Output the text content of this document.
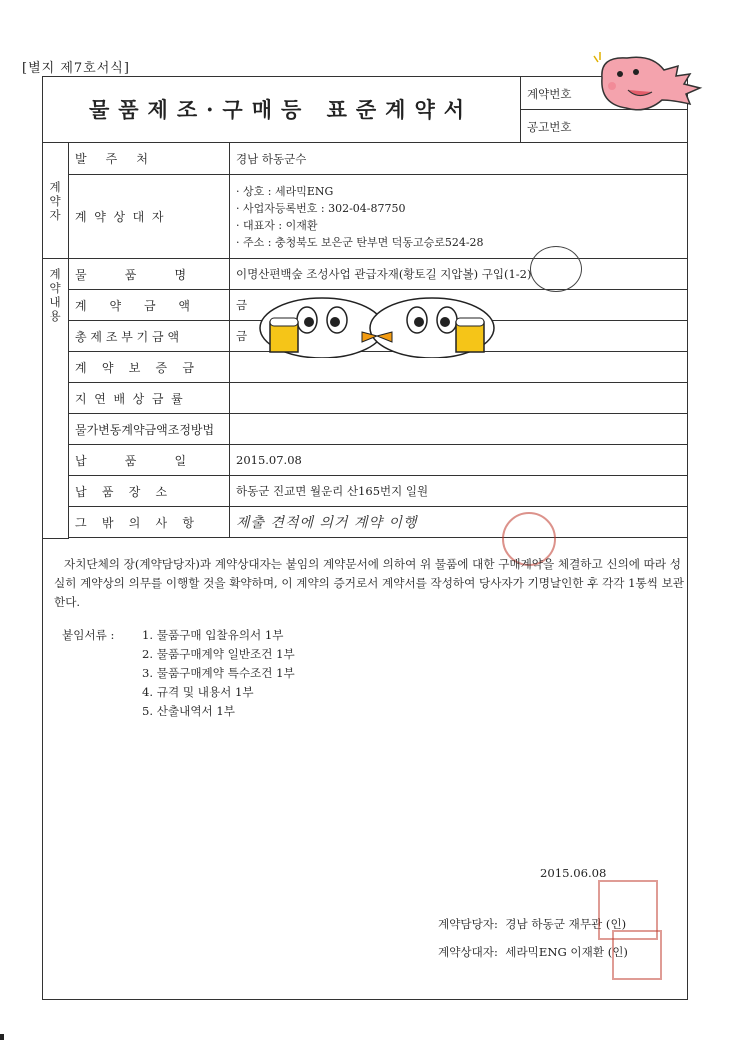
[별지 제7호서식]
물품제조·구매등 표준계약서
계약번호
공고번호
계
약
자	발     주     처	경남 하동군수
	계  약  상  대  자	· 상호 : 세라믹ENG
· 사업자등록번호 : 302-04-87750
· 대표자 : 이재환
· 주소 : 충청북도 보은군 탄부면 덕동고승로524-28

계
약
내
용	물          품          명	이명산편백숲 조성사업 관급자재(황토길 지압볼) 구입(1-2)
	계      약      금      액	금
	총 제 조 부 기 금 액	금
	계    약    보    증    금	
	지  연  배  상  금  률	
	물가변동계약금액조정방법	
	납          품          일	2015.07.08
	납    품    장    소	하동군 진교면 월운리 산165번지 일원
	그    밖    의    사    항	제출 견적에 의거 계약 이행

자치단체의 장(계약담당자)과 계약상대자는 붙임의 계약문서에 의하여 위 물품에 대한 구매계약을 체결하고 신의에 따라 성실히 계약상의 의무를 이행할 것을 확약하며, 이 계약의 증거로서 계약서를 작성하여 당사자가 기명날인한 후 각각 1통씩 보관한다.
붙임서류 :	1. 물품구매 입찰유의서 1부
2. 물품구매계약 일반조건 1부
3. 물품구매계약 특수조건 1부
4. 규격 및 내용서 1부
5. 산출내역서 1부
2015.06.08
계약담당자:  경남 하동군 재무관 (인)
계약상대자:  세라믹ENG 이재환 (인)
